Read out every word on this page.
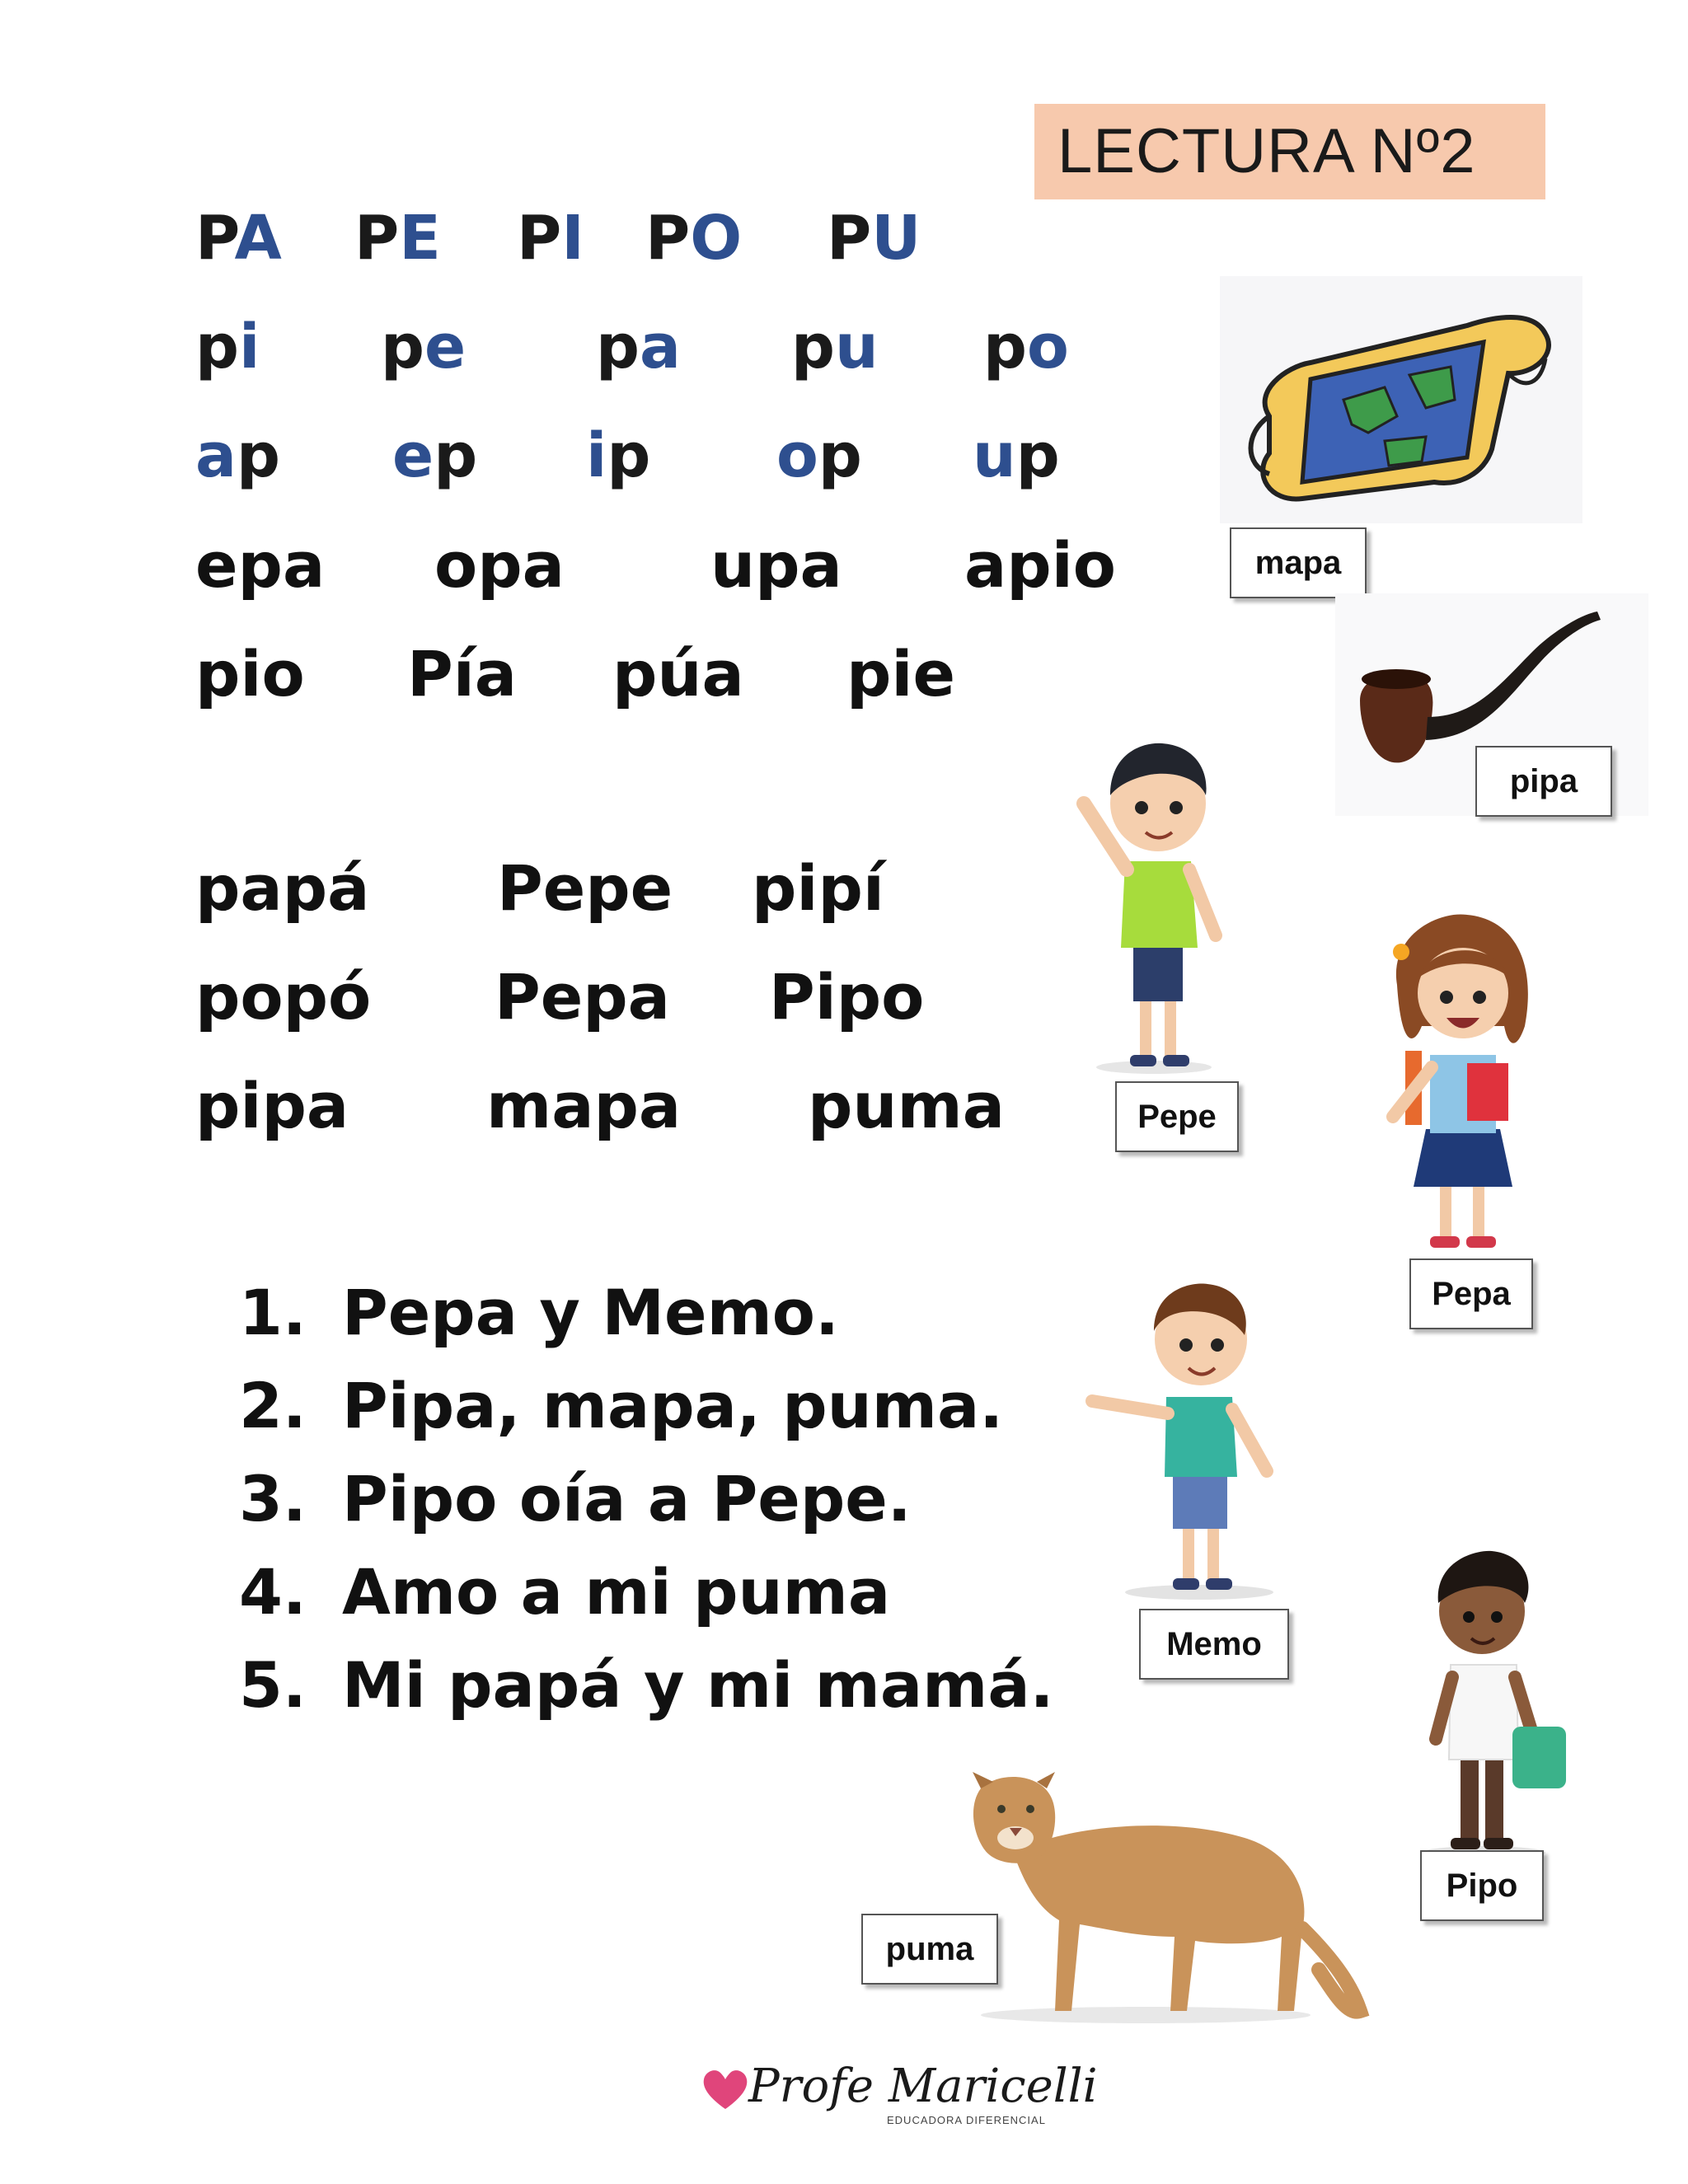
LECTURA Nº2
PA PE PI PO PU
pi pe pa pu po
ap ep ip op up
epa opa upa apio
pio Pía púa pie
papá Pepe pipí
popó Pepa Pipo
pipa mapa puma
1. Pepa y Memo.
2. Pipa, mapa, puma.
3. Pipo oía a Pepe.
4. Amo a mi puma
5. Mi papá y mi mamá.
mapa
pipa
Pepe
Pepa
Memo
Pipo
puma
Profe Maricelli
EDUCADORA DIFERENCIAL
